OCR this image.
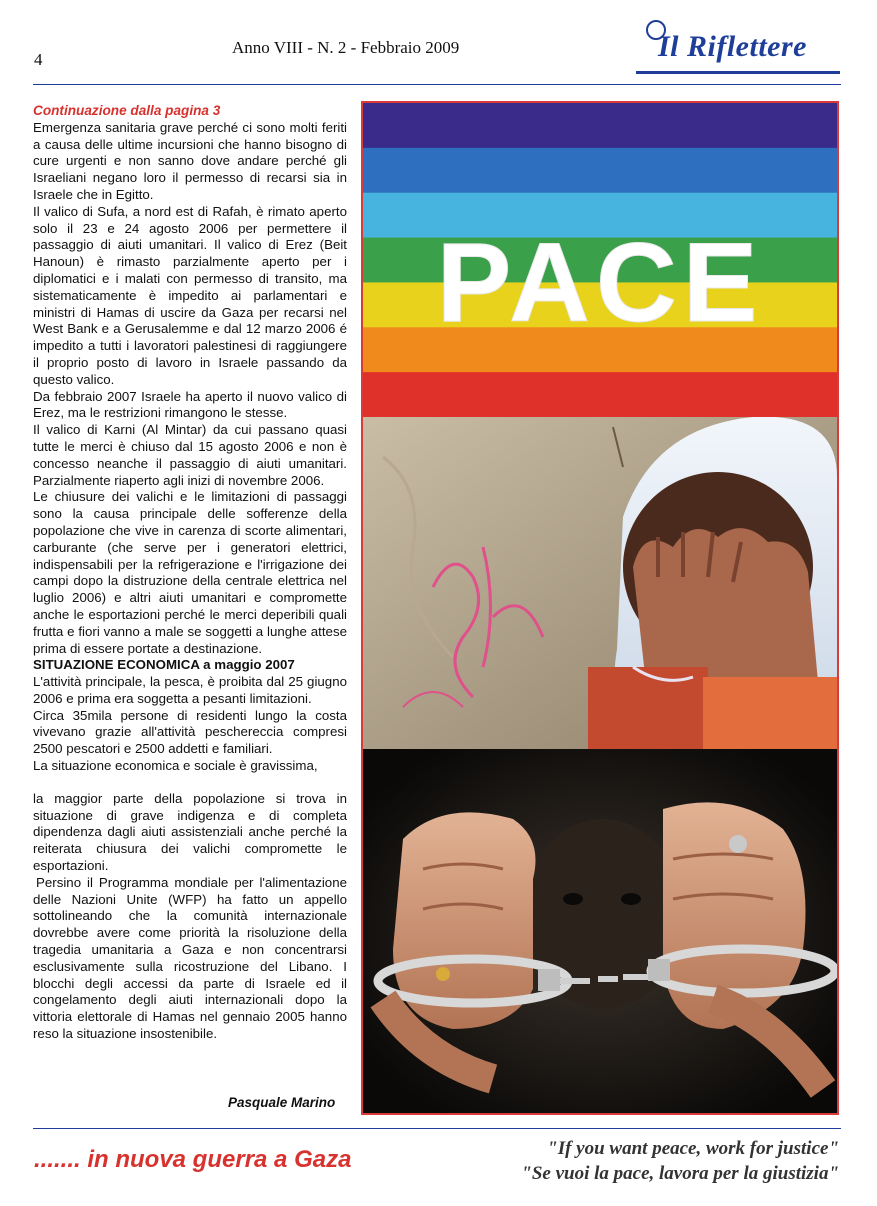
4
Anno VIII - N. 2 - Febbraio 2009	Il Riflettere

Continuazione dalla pagina 3

Emergenza sanitaria grave perché ci sono molti feriti a causa delle ultime incursioni che hanno bisogno di cure urgenti e non sanno dove andare perché gli Israeliani negano loro il permesso di recarsi sia in Israele che in Egitto.

Il valico di Sufa, a nord est di Rafah, è rimato aperto solo il 23 e 24 agosto 2006 per permettere il passaggio di aiuti umanitari. Il valico di Erez (Beit Hanoun) è rimasto parzialmente aperto per i diplomatici e i malati con permesso di transito, ma sistematicamente è impedito ai parlamentari e ministri di Hamas di uscire da Gaza per recarsi nel West Bank e a Gerusalemme e dal 12 marzo 2006 é impedito a tutti i lavoratori palestinesi di raggiungere il proprio posto di lavoro in Israele passando da questo valico.

Da febbraio 2007 Israele ha aperto il nuovo valico di Erez, ma le restrizioni rimangono le stesse.

Il valico di Karni (Al Mintar) da cui passano quasi tutte le merci è chiuso dal 15 agosto 2006 e non è concesso neanche il passaggio di aiuti umanitari. Parzialmente riaperto agli inizi di novembre 2006.

Le chiusure dei valichi e le limitazioni di passaggi sono la causa principale delle sofferenze della popolazione che vive in carenza di scorte alimentari, carburante (che serve per i generatori elettrici, indispensabili per la refrigerazione e l'irrigazione dei campi dopo la distruzione della centrale elettrica nel luglio 2006) e altri aiuti umanitari e compromette anche le esportazioni perché le merci deperibili quali frutta e fiori vanno a male se soggetti a lunghe attese prima di essere portate a destinazione.

SITUAZIONE ECONOMICA a maggio 2007

L'attività principale, la pesca, è proibita dal 25 giugno 2006 e prima era soggetta a pesanti limitazioni.

Circa 35mila persone di residenti lungo la costa vivevano grazie all'attività peschereccia compresi 2500 pescatori e 2500 addetti e familiari.

La situazione economica e sociale è gravissima,

la maggior parte della popolazione si trova in situazione di grave indigenza e di completa dipendenza dagli aiuti assistenziali anche perché la reiterata chiusura dei valichi compromette le esportazioni.

Persino il Programma mondiale per l'alimentazione delle Nazioni Unite (WFP) ha fatto un appello sottolineando che la comunità internazionale dovrebbe avere come priorità la risoluzione della tragedia umanitaria a Gaza e non concentrarsi esclusivamente sulla ricostruzione del Libano. I blocchi degli accessi da parte di Israele ed il congelamento degli aiuti internazionali dopo la vittoria elettorale di Hamas nel gennaio 2005 hanno reso la situazione insostenibile.

Pasquale Marino
PACE
....... in nuova guerra a Gaza	"If you want peace, work for justice"
"Se vuoi la pace, lavora per la giustizia"
